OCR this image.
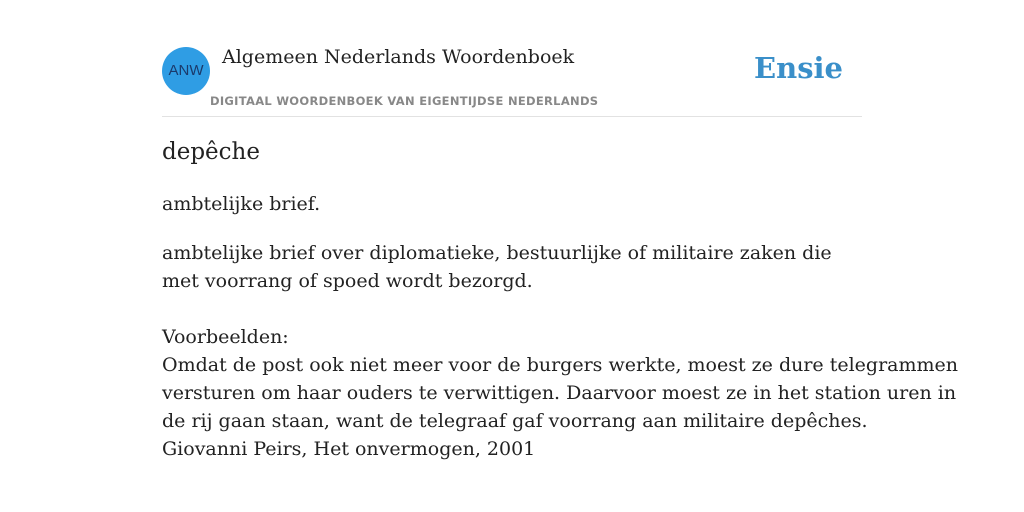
ANW
Algemeen Nederlands Woordenboek
DIGITAAL WOORDENBOEK VAN EIGENTIJDSE NEDERLANDS
Ensie
depêche
ambtelijke brief.
ambtelijke brief over diplomatieke, bestuurlijke of militaire zaken die met voorrang of spoed wordt bezorgd.
Voorbeelden:
Omdat de post ook niet meer voor de burgers werkte, moest ze dure telegrammen
versturen om haar ouders te verwittigen. Daarvoor moest ze in het station uren in
de rij gaan staan, want de telegraaf gaf voorrang aan militaire depêches.
Giovanni Peirs, Het onvermogen, 2001
